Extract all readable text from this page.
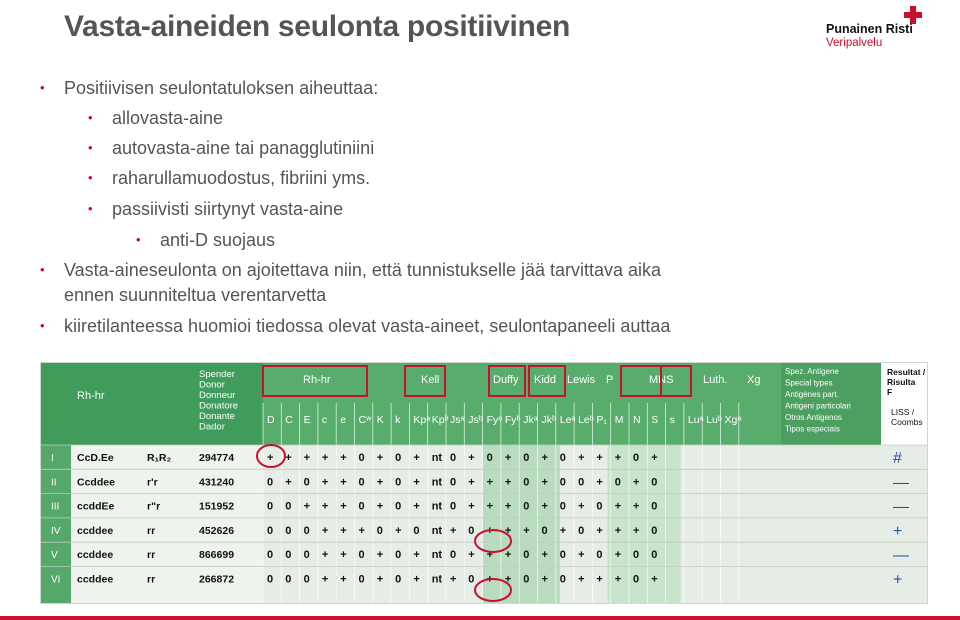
Vasta-aineiden seulonta positiivinen	Punainen Risti
Veripalvelu
• Positiivisen seulontatuloksen aiheuttaa:
• allovasta-aine
• autovasta-aine tai panagglutiniini
• raharullamuodostus, fibriini yms.
• passiivisti siirtynyt vasta-aine
• anti-D suojaus
• Vasta-aineseulonta on ajoitettava niin, että tunnistukselle jää tarvittava aika
ennen suunniteltua verentarvetta
• kiiretilanteessa huomioi tiedossa olevat vasta-aineet, seulontapaneeli auttaa
Rh-hr
Spender
Donor
Donneur
Donatore
Donante
Dador
Rh-hr	Kell	Duffy Kidd Lewis P	MNS	Luth. Xg
D C E c e Cʷ K k Kpᵃ Kpᵇ Jsᵃ Jsᵇ Fyᵃ Fyᵇ Jkᵃ Jkᵇ Leᵃ Leᵇ P₁ M N S s Luᵃ Luᵇ Xgᵃ
Spez. Antigene
Special types
Antigènes part.
Antigeni particolari
Otros Antigenos
Tipos especiais
Resultat /
Risulta
F
LISS /
Coombs
I CcD.Ee	R₁R₂	294774	+ + + + + 0 + 0 + nt 0 + 0 + 0 + 0 + + + 0 +	#
II Ccddee	r'r	431240	0 + 0 + + 0 + 0 + nt 0 + + + 0 + 0 0 + 0 + 0	—
III ccddEe	r"r	151952	0 0 + + + 0 + 0 + nt 0 + + + 0 + 0 + 0 + + 0	—
IV ccddee	rr	452626	0 0 0 + + + 0 + 0 nt + 0 + + + 0 + 0 + + + 0	+
V ccddee	rr	866699	0 0 0 + + 0 + 0 + nt 0 + + + 0 + 0 + 0 + 0 0	—
VI ccddee	rr	266872	0 0 0 + + 0 + 0 + nt + 0 + + 0 + 0 + + + 0 +	+
